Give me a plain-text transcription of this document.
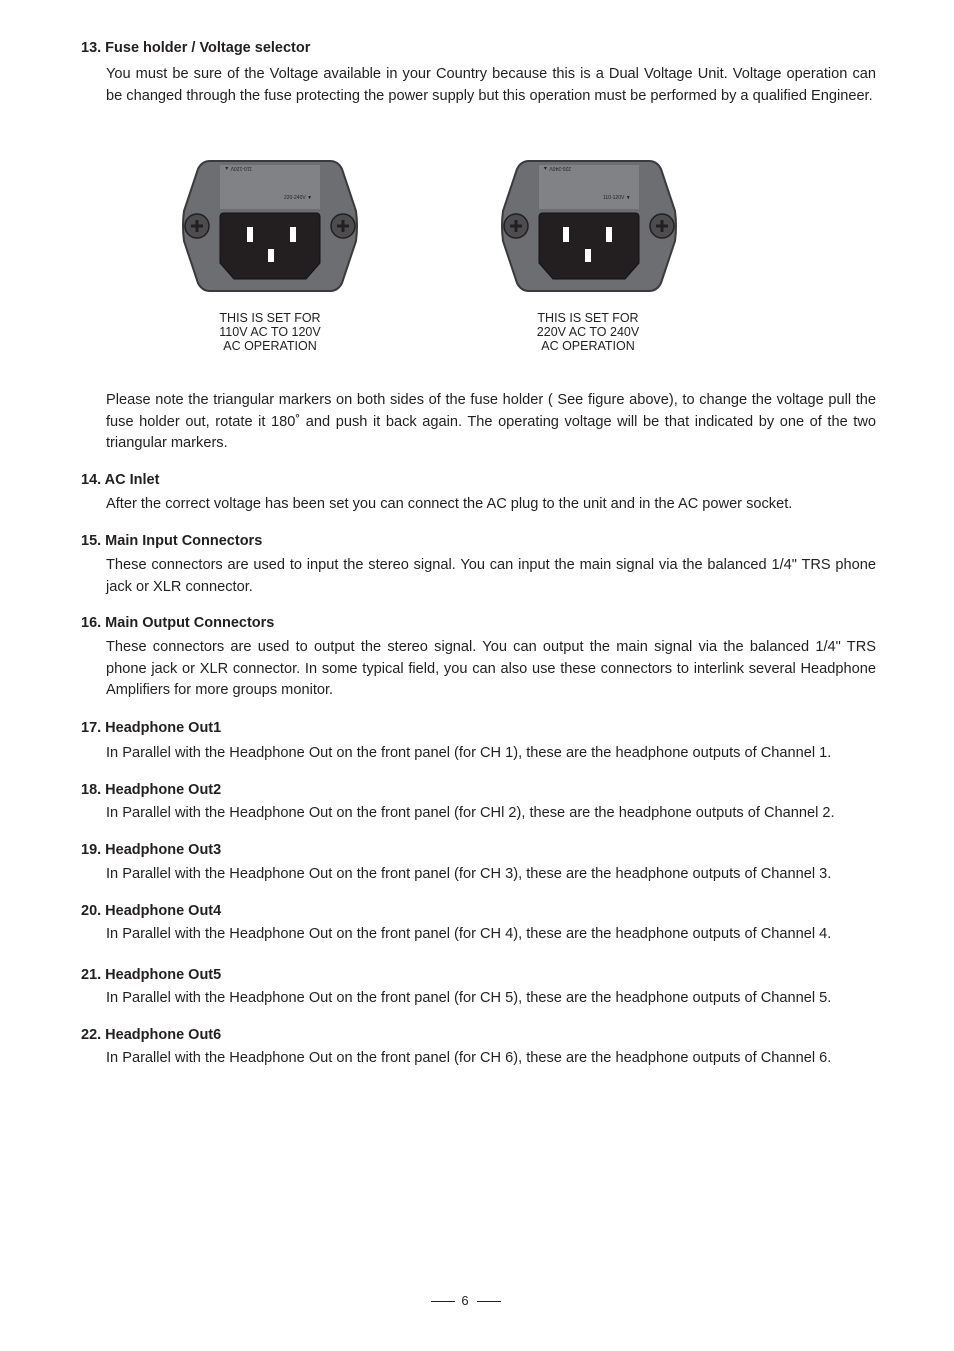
13. Fuse holder / Voltage selector

You must be sure of the Voltage available in your Country because this is a Dual Voltage Unit. Voltage operation can be changed through the fuse protecting the power supply but this operation must be performed by a qualified Engineer.

110-120V ▲
220-240V ▼

THIS IS SET FOR
110V AC TO 120V
AC OPERATION

220-240V ▲
110-120V ▼

THIS IS SET FOR
220V AC TO 240V
AC OPERATION

Please note the triangular markers on both sides of the fuse holder ( See figure above), to change the voltage pull the fuse holder out, rotate it 180˚ and push it back again. The operating voltage will be that indicated by one of the two triangular markers.

14. AC Inlet

After the correct voltage has been set you can connect the AC plug to the unit and in the AC power socket.

15. Main Input Connectors

These connectors are used to input the stereo signal. You can input the main signal via the balanced 1/4" TRS phone jack or XLR connector.

16. Main Output Connectors

These connectors are used to output the stereo signal. You can output the main signal via the balanced 1/4" TRS phone jack or XLR connector. In some typical field, you can also use these connectors to interlink several Headphone Amplifiers for more groups monitor.

17. Headphone Out1

In Parallel with the Headphone Out on the front panel (for CH 1), these are the headphone outputs of Channel 1.

18. Headphone Out2

In Parallel with the Headphone Out on the front panel (for CHl 2), these are the headphone outputs of Channel 2.

19. Headphone Out3

In Parallel with the Headphone Out on the front panel (for CH 3), these are the headphone outputs of Channel 3.

20. Headphone Out4

In Parallel with the Headphone Out on the front panel (for CH 4), these are the headphone outputs of Channel 4.

21. Headphone Out5

In Parallel with the Headphone Out on the front panel (for CH 5), these are the headphone outputs of Channel 5.

22. Headphone Out6

In Parallel with the Headphone Out on the front panel (for CH 6), these are the headphone outputs of Channel 6.

6
